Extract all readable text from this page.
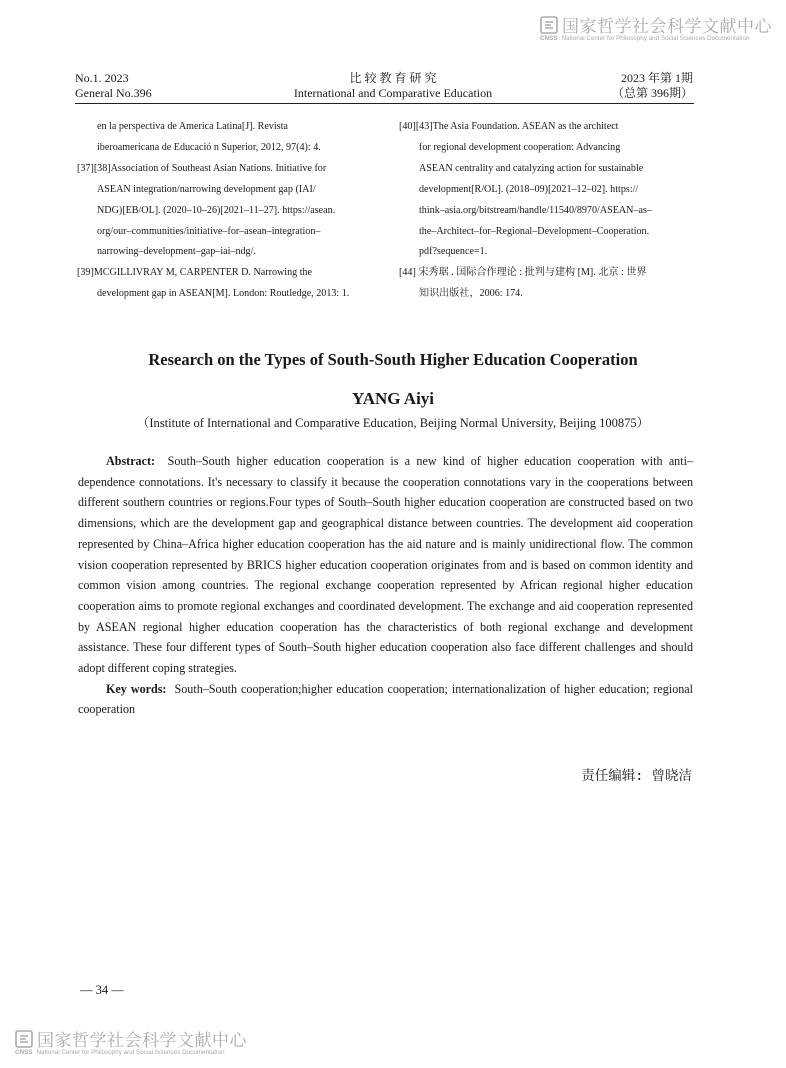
国家哲学社会科学文献中心
CNSS National Center for Philosophy and Social Sciences Documentation
No.1. 2023
General No.396
比 较 教 育 研 究
International and Comparative Education
2023 年第 1期
（总第 396期）

en la perspectiva de America Latina[J]. Revista
iberoamericana de Educació n Superior, 2012, 97(4): 4.

[37][38]Association of Southeast Asian Nations. Initiative for
ASEAN integration/narrowing development gap (IAI/
NDG)[EB/OL]. (2020–10–26)[2021–11–27]. https://asean.
org/our–communities/initiative–for–asean–integration–
narrowing–development–gap–iai–ndg/.

[39]MCGILLIVRAY M, CARPENTER D. Narrowing the
development gap in ASEAN[M]. London: Routledge, 2013: 1.

[40][43]The Asia Foundation. ASEAN as the architect
for regional development cooperation: Advancing
ASEAN centrality and catalyzing action for sustainable
development[R/OL]. (2018–09)[2021–12–02]. https://
think–asia.org/bitstream/handle/11540/8970/ASEAN–as–
the–Architect–for–Regional–Development–Cooperation.
pdf?sequence=1.

[44] 宋秀琚 . 国际合作理论 : 批判与建构 [M]. 北京 : 世界
知识出版社，2006: 174.

Research on the Types of South-South Higher Education Cooperation
YANG Aiyi
（Institute of International and Comparative Education, Beijing Normal University, Beijing 100875）

Abstract: South–South higher education cooperation is a new kind of higher education cooperation with anti–dependence connotations. It's necessary to classify it because the cooperation connotations vary in the cooperations between different southern countries or regions.Four types of South–South higher education cooperation are constructed based on two dimensions, which are the development gap and geographical distance between countries. The development aid cooperation represented by China–Africa higher education cooperation has the aid nature and is mainly unidirectional flow. The common vision cooperation represented by BRICS higher education cooperation originates from and is based on common identity and common vision among countries. The regional exchange cooperation represented by African regional higher education cooperation aims to promote regional exchanges and coordinated development. The exchange and aid cooperation represented by ASEAN regional higher education cooperation has the characteristics of both regional exchange and development assistance. These four different types of South–South higher education cooperation also face different challenges and should adopt different coping strategies.

Key words: South–South cooperation;higher education cooperation; internationalization of higher education; regional cooperation

责任编辑: 曾晓洁
— 34 —
国家哲学社会科学文献中心
CNSS National Center for Philosophy and Social Sciences Documentation
